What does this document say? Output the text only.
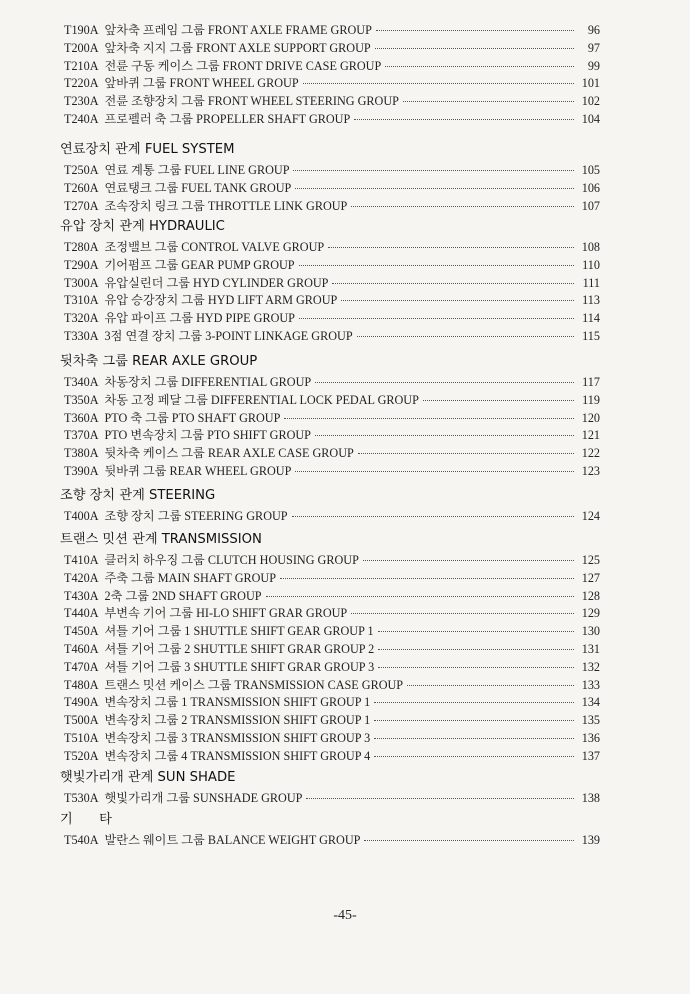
T190A 앞차축 프레임 그룹 FRONT AXLE FRAME GROUP	96
T200A 앞차축 지지 그룹 FRONT AXLE SUPPORT GROUP	97
T210A 전륜 구동 케이스 그룹 FRONT DRIVE CASE GROUP	99
T220A 앞바퀴 그룹 FRONT WHEEL GROUP	101
T230A 전륜 조향장치 그룹 FRONT WHEEL STEERING GROUP	102
T240A 프로펠러 축 그룹 PROPELLER SHAFT GROUP	104
연료장치 관계 FUEL SYSTEM
T250A 연료 계통 그룹 FUEL LINE GROUP	105
T260A 연료탱크 그룹 FUEL TANK GROUP	106
T270A 조속장치 링크 그룹 THROTTLE LINK GROUP	107
유압 장치 관계 HYDRAULIC
T280A 조정밸브 그룹 CONTROL VALVE GROUP	108
T290A 기어펌프 그룹 GEAR PUMP GROUP	110
T300A 유압실린더 그룹 HYD CYLINDER GROUP	111
T310A 유압 승강장치 그룹 HYD LIFT ARM GROUP	113
T320A 유압 파이프 그룹 HYD PIPE GROUP	114
T330A 3점 연결 장치 그룹 3-POINT LINKAGE GROUP	115
뒷차축 그룹 REAR AXLE GROUP
T340A 차동장치 그룹 DIFFERENTIAL GROUP	117
T350A 차동 고정 페달 그룹 DIFFERENTIAL LOCK PEDAL GROUP	119
T360A PTO 축 그룹 PTO SHAFT GROUP	120
T370A PTO 변속장치 그룹 PTO SHIFT GROUP	121
T380A 뒷차축 케이스 그룹 REAR AXLE CASE GROUP	122
T390A 뒷바퀴 그룹 REAR WHEEL GROUP	123
조향 장치 관계 STEERING
T400A 조향 장치 그룹 STEERING GROUP	124
트랜스 밋션 관계 TRANSMISSION
T410A 클러치 하우징 그룹 CLUTCH HOUSING GROUP	125
T420A 주축 그룹 MAIN SHAFT GROUP	127
T430A 2축 그룹 2ND SHAFT GROUP	128
T440A 부변속 기어 그룹 HI-LO SHIFT GRAR GROUP	129
T450A 셔틀 기어 그룹 1 SHUTTLE SHIFT GEAR GROUP 1	130
T460A 셔틀 기어 그룹 2 SHUTTLE SHIFT GRAR GROUP 2	131
T470A 셔틀 기어 그룹 3 SHUTTLE SHIFT GRAR GROUP 3	132
T480A 트랜스 밋션 케이스 그룹 TRANSMISSION CASE GROUP	133
T490A 변속장치 그룹 1 TRANSMISSION SHIFT GROUP 1	134
T500A 변속장치 그룹 2 TRANSMISSION SHIFT GROUP 1	135
T510A 변속장치 그룹 3 TRANSMISSION SHIFT GROUP 3	136
T520A 변속장치 그룹 4 TRANSMISSION SHIFT GROUP 4	137
햇빛가리개 관계 SUN SHADE
T530A 햇빛가리개 그룹 SUNSHADE GROUP	138
기　　타
T540A 발란스 웨이트 그룹 BALANCE WEIGHT GROUP	139
-45-
